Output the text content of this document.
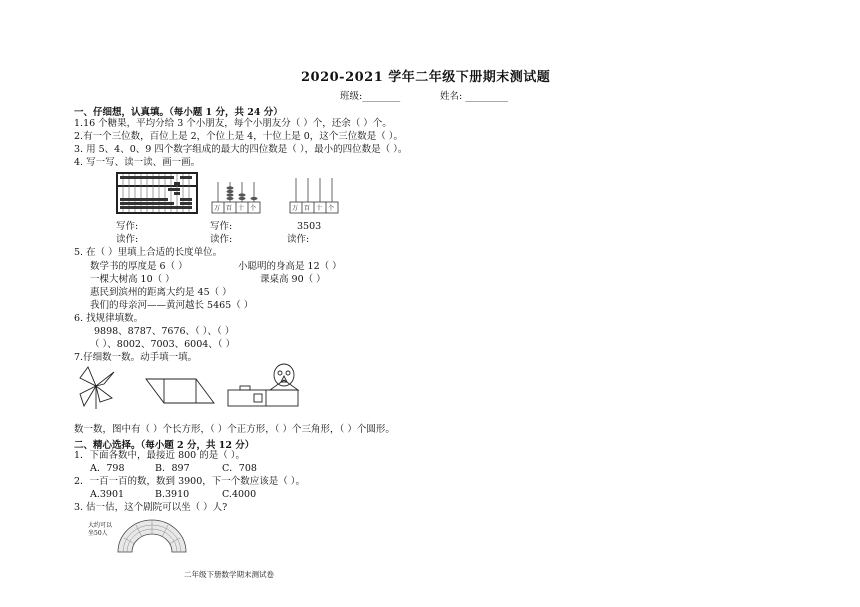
2020-2021 学年二年级下册期末测试题
班级:________	姓名: _________
一、仔细想，认真填。（每小题 1 分，共 24 分）
1.16 个糖果，平均分给 3 个小朋友，每个小朋友分（ ）个，还余（ ）个。
2.有一个三位数，百位上是 2，个位上是 4，十位上是 0，这个三位数是（ ）。
3. 用 5、4、0、9 四个数字组成的最大的四位数是（ ），最小的四位数是（ ）。
4. 写一写、读一读、画一画。
万 百 十 个	万 百 十 个
写作:	写作:	3503
读作:	读作:	读作:
5. 在（ ）里填上合适的长度单位。
数学书的厚度是 6（ ）	小聪明的身高是 12（ ）
一棵大树高 10（ ）	课桌高 90（ ）
惠民到滨州的距离大约是 45（ ）
我们的母亲河——黄河越长 5465（ ）
6. 找规律填数。
9898、8787、7676、（ ）、（ ）
（ ）、8002、7003、6004、（ ）
7.仔细数一数。动手填一填。
数一数，图中有（ ）个长方形，（ ）个正方形，（ ）个三角形，（ ）个圆形。
二、精心选择。（每小题 2 分，共 12 分）
1．下面各数中，最接近 800 的是（ ）。
A．798	B．897	C．708
2．一百一百的数，数到 3900，下一个数应该是（ ）。
A.3901	B.3910	C.4000
3. 估一估，这个剧院可以坐（ ）人?
大约可以
坐50人
二年级下册数学期末测试卷
